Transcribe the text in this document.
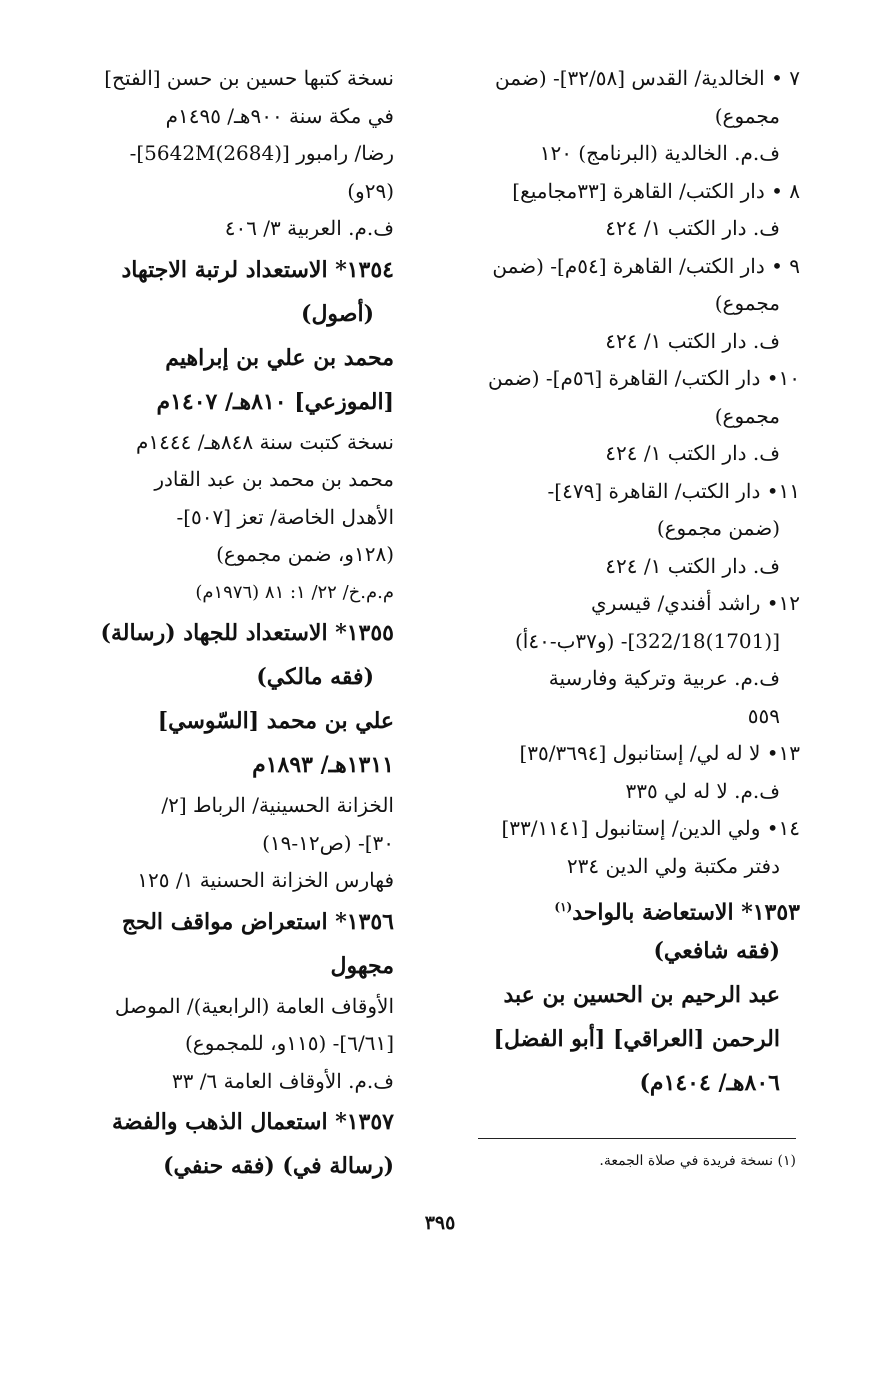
٧ • الخالدية/ القدس [٣٢/٥٨]- (ضمن
مجموع)
ف.م. الخالدية (البرنامج) ١٢٠
٨ • دار الكتب/ القاهرة [٣٣مجاميع]
ف. دار الكتب ١/ ٤٢٤
٩ • دار الكتب/ القاهرة [٥٤م]- (ضمن
مجموع)
ف. دار الكتب ١/ ٤٢٤
١٠• دار الكتب/ القاهرة [٥٦م]- (ضمن
مجموع)
ف. دار الكتب ١/ ٤٢٤
١١• دار الكتب/ القاهرة [٤٧٩]-
(ضمن مجموع)
ف. دار الكتب ١/ ٤٢٤
١٢• راشد أفندي/ قيسري
[(1701)322/18]- (و٣٧ب-٤٠أ)
ف.م. عربية وتركية وفارسية
٥٥٩
١٣• لا له لي/ إستانبول [٣٥/٣٦٩٤]
ف.م. لا له لي ٣٣٥
١٤• ولي الدين/ إستانبول [٣٣/١١٤١]
دفتر مكتبة ولي الدين ٢٣٤
١٣٥٣* الاستعاضة بالواحد$^{(١)}$
(فقه شافعي)
عبد الرحيم بن الحسين بن عبد
الرحمن [العراقي] [أبو الفضل]
٨٠٦هـ/ ١٤٠٤م)
نسخة كتبها حسين بن حسن [الفتح]
في مكة سنة ٩٠٠هـ/ ١٤٩٥م
رضا/ رامبور [5642M(2684)]-
(٢٩و)
ف.م. العربية ٣/ ٤٠٦
١٣٥٤* الاستعداد لرتبة الاجتهاد
(أصول)
محمد بن علي بن إبراهيم
[الموزعي] ٨١٠هـ/ ١٤٠٧م
نسخة كتبت سنة ٨٤٨هـ/ ١٤٤٤م
محمد بن محمد بن عبد القادر
الأهدل الخاصة/ تعز [٥٠٧]-
(١٢٨و، ضمن مجموع)
م.م.خ/ ٢٢/ ١: ٨١ (١٩٧٦م)
١٣٥٥* الاستعداد للجهاد (رسالة)
(فقه مالكي)
علي بن محمد [السّوسي]
١٣١١هـ/ ١٨٩٣م
الخزانة الحسينية/ الرباط [٢/
٣٠]- (ص١٢-١٩)
فهارس الخزانة الحسنية ١/ ١٢٥
١٣٥٦* استعراض مواقف الحج
مجهول
الأوقاف العامة (الرابعية)/ الموصل
[٦/٦١]- (١١٥و، للمجموع)
ف.م. الأوقاف العامة ٦/ ٣٣
١٣٥٧* استعمال الذهب والفضة
(رسالة في) (فقه حنفي)	(١) نسخة فريدة في صلاة الجمعة.
٣٩٥
